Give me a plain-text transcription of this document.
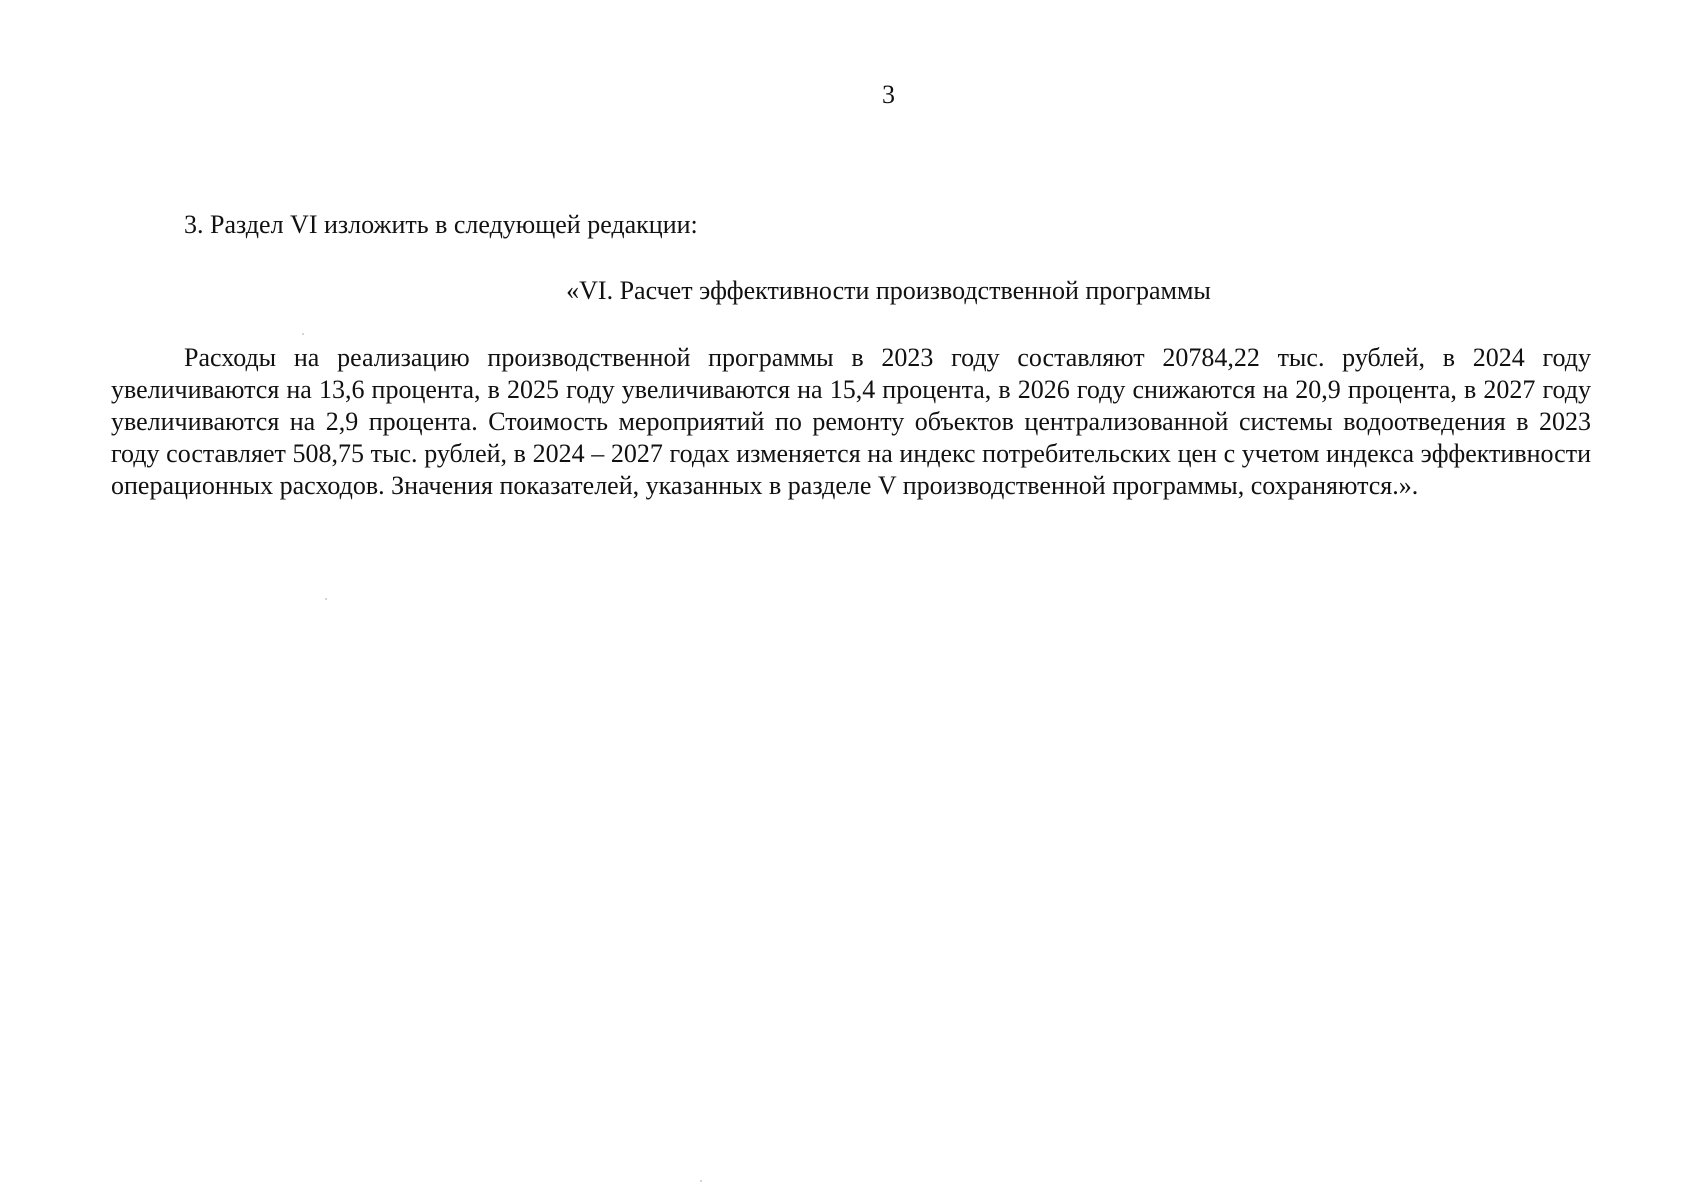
3
3. Раздел VI изложить в следующей редакции:
«VI. Расчет эффективности производственной программы

Расходы на реализацию производственной программы в 2023 году составляют 20784,22 тыс. рублей, в 2024 году увеличиваются на 13,6 процента, в 2025 году увеличиваются на 15,4 процента, в 2026 году снижаются на 20,9 процента, в 2027 году увеличиваются на 2,9 процента. Стоимость мероприятий по ремонту объектов централизованной системы водоотведения в 2023 году составляет 508,75 тыс. рублей, в 2024 – 2027 годах изменяется на индекс потребительских цен с учетом индекса эффективности операционных расходов. Значения показателей, указанных в разделе V производственной программы, сохраняются.».
